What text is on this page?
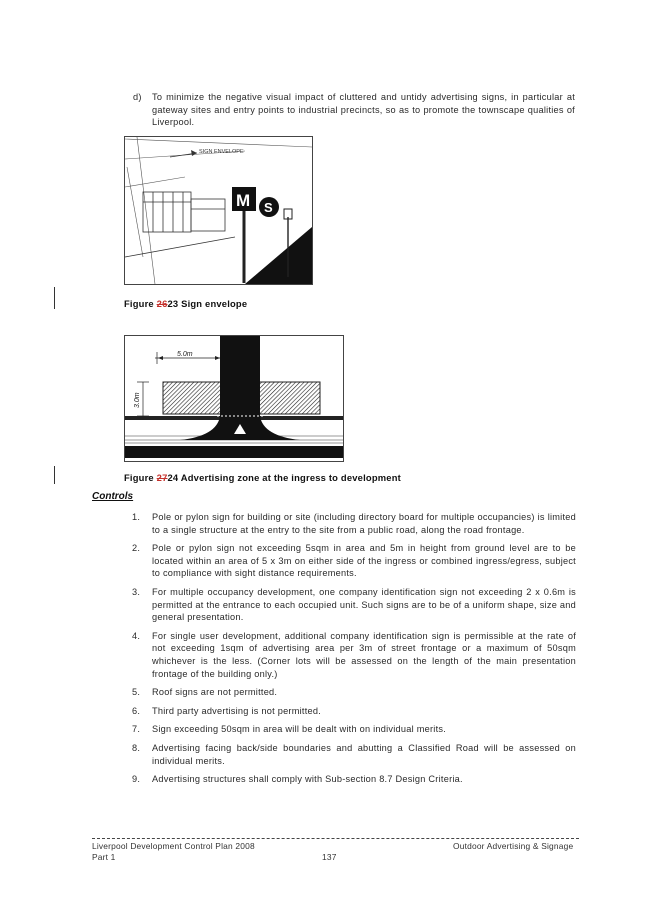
d) To minimize the negative visual impact of cluttered and untidy advertising signs, in particular at gateway sites and entry points to industrial precincts, so as to promote the townscape qualities of Liverpool.
SIGN ENVELOPE
M S
Figure 2623 Sign envelope
5.0m
3.0m
Figure 2724 Advertising zone at the ingress to development
Controls
1. Pole or pylon sign for building or site (including directory board for multiple occupancies) is limited to a single structure at the entry to the site from a public road, along the road frontage.
2. Pole or pylon sign not exceeding 5sqm in area and 5m in height from ground level are to be located within an area of 5 x 3m on either side of the ingress or combined ingress/egress, subject to compliance with sight distance requirements.
3. For multiple occupancy development, one company identification sign not exceeding 2 x 0.6m is permitted at the entrance to each occupied unit. Such signs are to be of a uniform shape, size and general presentation.
4. For single user development, additional company identification sign is permissible at the rate of not exceeding 1sqm of advertising area per 3m of street frontage or a maximum of 50sqm whichever is the less. (Corner lots will be assessed on the length of the main presentation frontage of the building only.)
5. Roof signs are not permitted.
6. Third party advertising is not permitted.
7. Sign exceeding 50sqm in area will be dealt with on individual merits.
8. Advertising facing back/side boundaries and abutting a Classified Road will be assessed on individual merits.
9. Advertising structures shall comply with Sub-section 8.7 Design Criteria.
Liverpool Development Control Plan 2008
Part 1	137
Outdoor Advertising & Signage
